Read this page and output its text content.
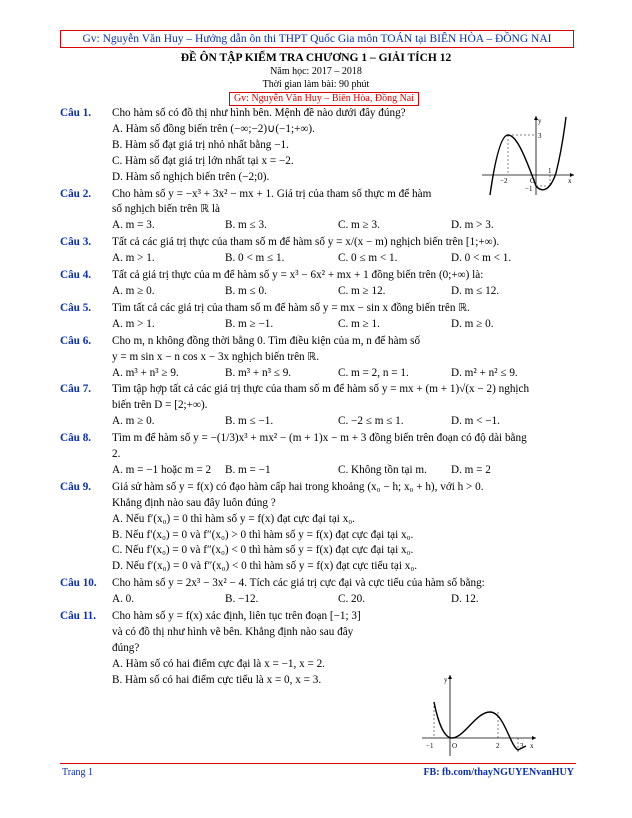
Gv: Nguyễn Văn Huy – Hướng dẫn ôn thi THPT Quốc Gia môn TOÁN tại BIÊN HÒA – ĐỒNG NAI
ĐỀ ÔN TẬP KIỂM TRA CHƯƠNG 1 – GIẢI TÍCH 12
Năm học: 2017 – 2018
Thời gian làm bài: 90 phút
Gv: Nguyễn Văn Huy – Biên Hòa, Đồng Nai
Câu 1. Cho hàm số có đồ thị như hình bên. Mệnh đề nào dưới đây đúng?
A. Hàm số đồng biến trên (−∞;−2)∪(−1;+∞).
B. Hàm số đạt giá trị nhỏ nhất bằng −1.
C. Hàm số đạt giá trị lớn nhất tại x = −2.
D. Hàm số nghịch biến trên (−2;0).
Câu 2. Cho hàm số y = −x³ + 3x² − mx + 1. Giá trị của tham số thực m để hàm
số nghịch biến trên ℝ là
A. m = 3.	B. m ≤ 3.	C. m ≥ 3.	D. m > 3.
Câu 3. Tất cả các giá trị thực của tham số m để hàm số y = x/(x − m) nghịch biến trên [1;+∞).
A. m > 1.	B. 0 < m ≤ 1.	C. 0 ≤ m < 1.	D. 0 < m < 1.
Câu 4. Tất cả giá trị thực của m để hàm số y = x³ − 6x² + mx + 1 đồng biến trên (0;+∞) là:
A. m ≥ 0.	B. m ≤ 0.	C. m ≥ 12.	D. m ≤ 12.
Câu 5. Tìm tất cả các giá trị của tham số m để hàm số y = mx − sin x đồng biến trên ℝ.
A. m > 1.	B. m ≥ −1.	C. m ≥ 1.	D. m ≥ 0.
Câu 6. Cho m, n không đồng thời bằng 0. Tìm điều kiện của m, n để hàm số
y = m sin x − n cos x − 3x nghịch biến trên ℝ.
A. m³ + n³ ≥ 9.	B. m³ + n³ ≤ 9.	C. m = 2, n = 1.	D. m² + n² ≤ 9.
Câu 7. Tìm tập hợp tất cả các giá trị thực của tham số m để hàm số y = mx + (m + 1)√(x − 2) nghịch
biến trên D = [2;+∞).
A. m ≥ 0.	B. m ≤ −1.	C. −2 ≤ m ≤ 1.	D. m < −1.
Câu 8. Tìm m để hàm số y = −(1/3)x³ + mx² − (m + 1)x − m + 3 đồng biến trên đoạn có độ dài bằng
2.
A. m = −1 hoặc m = 2	B. m = −1	C. Không tồn tại m.	D. m = 2
Câu 9. Giả sử hàm số y = f(x) có đạo hàm cấp hai trong khoảng (x₀ − h; x₀ + h), với h > 0.
Khẳng định nào sau đây luôn đúng ?
A. Nếu f′(x₀) = 0 thì hàm số y = f(x) đạt cực đại tại x₀.
B. Nếu f′(x₀) = 0 và f″(x₀) > 0 thì hàm số y = f(x) đạt cực đại tại x₀.
C. Nếu f′(x₀) = 0 và f″(x₀) < 0 thì hàm số y = f(x) đạt cực đại tại x₀.
D. Nếu f′(x₀) = 0 và f″(x₀) < 0 thì hàm số y = f(x) đạt cực tiểu tại x₀.
Câu 10. Cho hàm số y = 2x³ − 3x² − 4. Tích các giá trị cực đại và cực tiểu của hàm số bằng:
A. 0.	B. −12.	C. 20.	D. 12.
Câu 11. Cho hàm số y = f(x) xác định, liên tục trên đoạn [−1; 3]
và có đồ thị như hình vẽ bên. Khẳng định nào sau đây
đúng?
A. Hàm số có hai điểm cực đại là x = −1, x = 2.
B. Hàm số có hai điểm cực tiểu là x = 0, x = 3.
y
x
O
−2
1
3
−1
y
x
O
−1	2	3
Trang 1	FB: fb.com/thayNGUYENvanHUY
